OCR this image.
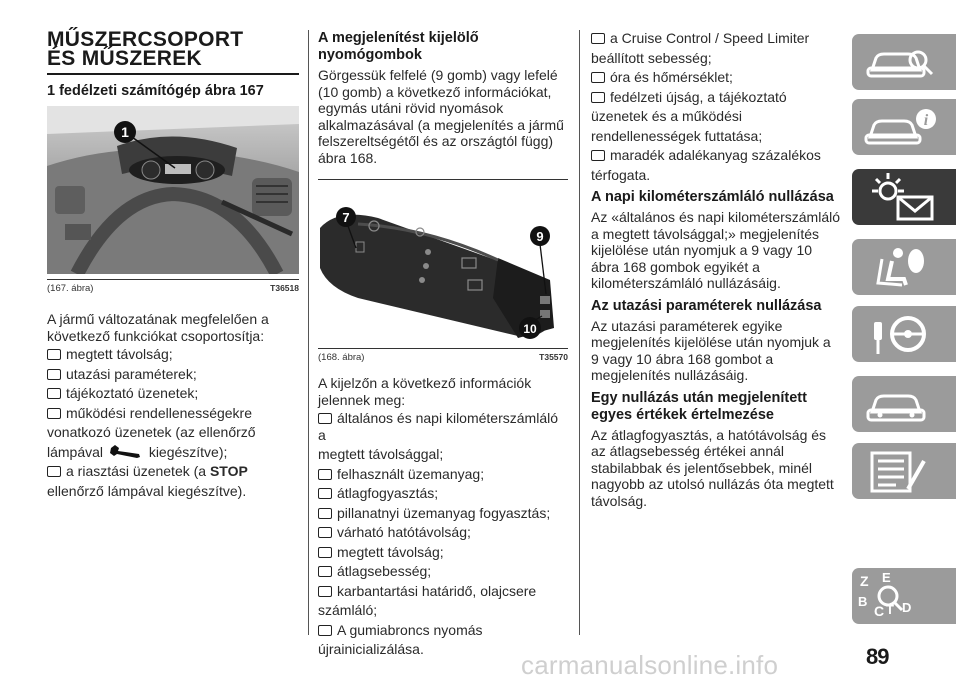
MŰSZERCSOPORT
ÉS MŰSZEREK
1 fedélzeti számítógép ábra 167
1
(167. ábra)	T36518

A jármű változatának megfelelően a következő funkciókat csoportosítja:

megtett távolság;
utazási paraméterek;
tájékoztató üzenetek;
működési rendellenességekre
vonatkozó üzenetek (az ellenőrző
lámpával	kiegészítve);
a riasztási üzenetek (a STOP
ellenőrző lámpával kiegészítve).
A megjelenítést kijelölő nyomógombok

Görgessük felfelé (9 gomb) vagy lefelé (10 gomb) a következő információkat, egymás utáni rövid nyomások alkalmazásával (a megjelenítés a jármű felszereltségétől és az országtól függ) ábra 168.

7
9
10
(168. ábra)	T35570

A kijelzőn a következő információk jelennek meg:

általános és napi kilométerszámláló a
megtett távolsággal;
felhasznált üzemanyag;
átlagfogyasztás;
pillanatnyi üzemanyag fogyasztás;
várható hatótávolság;
megtett távolság;
átlagsebesség;
karbantartási határidő, olajcsere
számláló;
A gumiabroncs nyomás
újrainicializálása.
a Cruise Control / Speed Limiter
beállított sebesség;
óra és hőmérséklet;
fedélzeti újság, a tájékoztató
üzenetek és a működési
rendellenességek futtatása;
maradék adalékanyag százalékos
térfogata.
A napi kilométerszámláló nullázása

Az «általános és napi kilométerszámláló a megtett távolsággal;» megjelenítés kijelölése után nyomjuk a 9 vagy 10 ábra 168 gombok egyikét a kilométerszámláló nullázásáig.

Az utazási paraméterek nullázása

Az utazási paraméterek egyike megjelenítés kijelölése után nyomjuk a 9 vagy 10 ábra 168 gombot a megjelenítés nullázásáig.

Egy nullázás után megjelenített egyes értékek értelmezése

Az átlagfogyasztás, a hatótávolság és az átlagsebesség értékei annál stabilabbak és jelentősebbek, minél nagyobb az utolsó nullázás óta megtett távolság.

i
Z E
B
C T D
89
carmanualsonline.info
